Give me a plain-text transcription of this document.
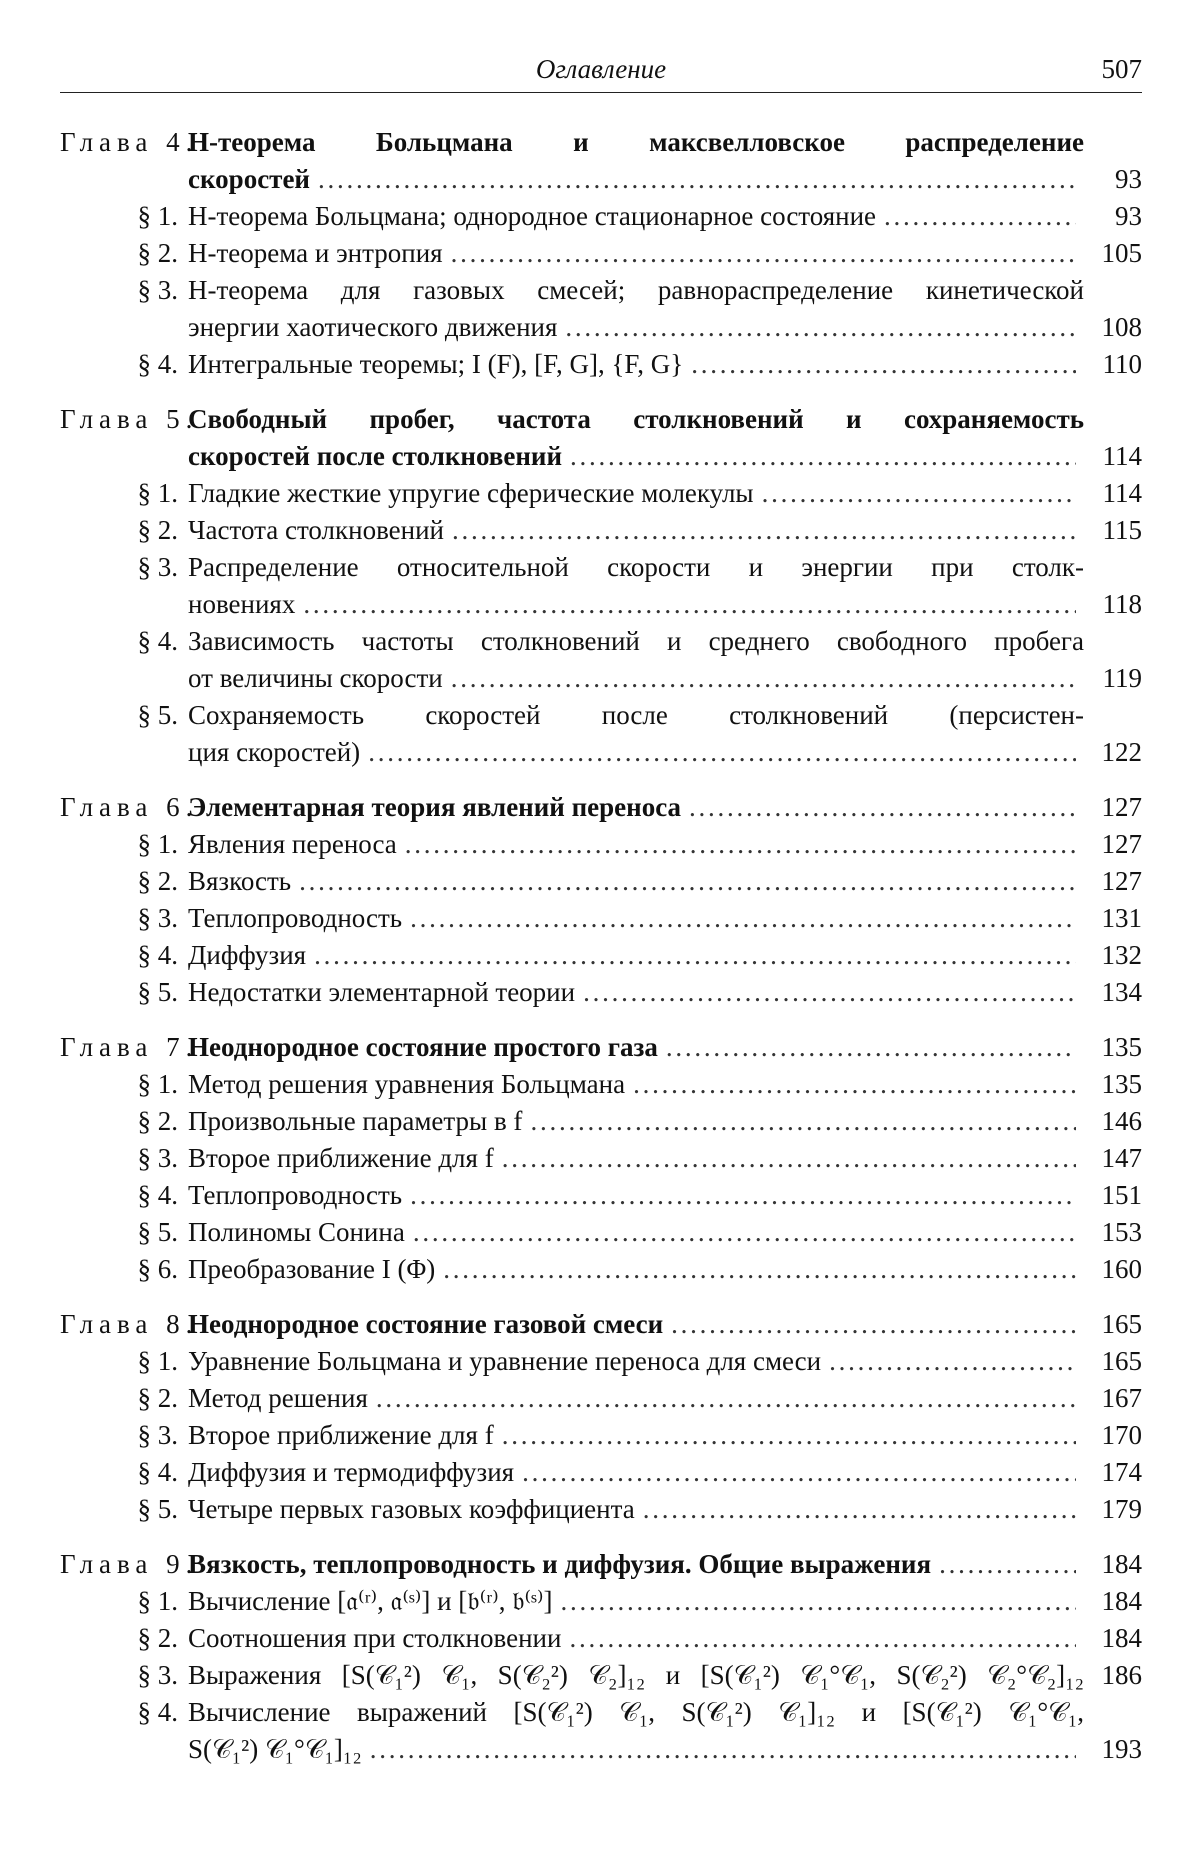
Оглавление	507
Глава 4.
H-теорема Больцмана и максвелловское распределение
скоростей . . .	93
§ 1. H-теорема Больцмана; однородное стационарное состояние . . .	93
§ 2. H-теорема и энтропия . . .	105
§ 3. H-теорема для газовых смесей; равнораспределение кинетической
энергии хаотического движения . . .	108
§ 4. Интегральные теоремы; I (F), [F, G], {F, G} . . .	110
Глава 5.
Свободный пробег, частота столкновений и сохраняемость
скоростей после столкновений . . .	114
§ 1. Гладкие жесткие упругие сферические молекулы . . .	114
§ 2. Частота столкновений . . .	115
§ 3. Распределение относительной скорости и энергии при столк-
новениях . . .	118
§ 4. Зависимость частоты столкновений и среднего свободного пробега
от величины скорости . . .	119
§ 5. Сохраняемость скоростей после столкновений (персистен-
ция скоростей) . . .	122
Глава 6.
Элементарная теория явлений переноса . . .	127
§ 1. Явления переноса . . .	127
§ 2. Вязкость . . .	127
§ 3. Теплопроводность . . .	131
§ 4. Диффузия . . .	132
§ 5. Недостатки элементарной теории . . .	134
Глава 7.
Неоднородное состояние простого газа . . .	135
§ 1. Метод решения уравнения Больцмана . . .	135
§ 2. Произвольные параметры в f . . .	146
§ 3. Второе приближение для f . . .	147
§ 4. Теплопроводность . . .	151
§ 5. Полиномы Сонина . . .	153
§ 6. Преобразование I (Φ) . . .	160
Глава 8.
Неоднородное состояние газовой смеси . . .	165
§ 1. Уравнение Больцмана и уравнение переноса для смеси . . .	165
§ 2. Метод решения . . .	167
§ 3. Второе приближение для f . . .	170
§ 4. Диффузия и термодиффузия . . .	174
§ 5. Четыре первых газовых коэффициента . . .	179
Глава 9.
Вязкость, теплопроводность и диффузия. Общие выражения . . .	184
§ 1. Вычисление [𝔞⁽ʳ⁾, 𝔞⁽ˢ⁾] и [𝔟⁽ʳ⁾, 𝔟⁽ˢ⁾] . . .	184
§ 2. Соотношения при столкновении . . .	184
§ 3. Выражения [S(𝒞₁²) 𝒞₁, S(𝒞₂²) 𝒞₂]₁₂ и [S(𝒞₁²) 𝒞₁°𝒞₁, S(𝒞₂²) 𝒞₂°𝒞₂]₁₂ 186
§ 4. Вычисление выражений [S(𝒞₁²) 𝒞₁, S(𝒞₁²) 𝒞₁]₁₂ и [S(𝒞₁²) 𝒞₁°𝒞₁,
S(𝒞₁²) 𝒞₁°𝒞₁]₁₂ . . .	193
